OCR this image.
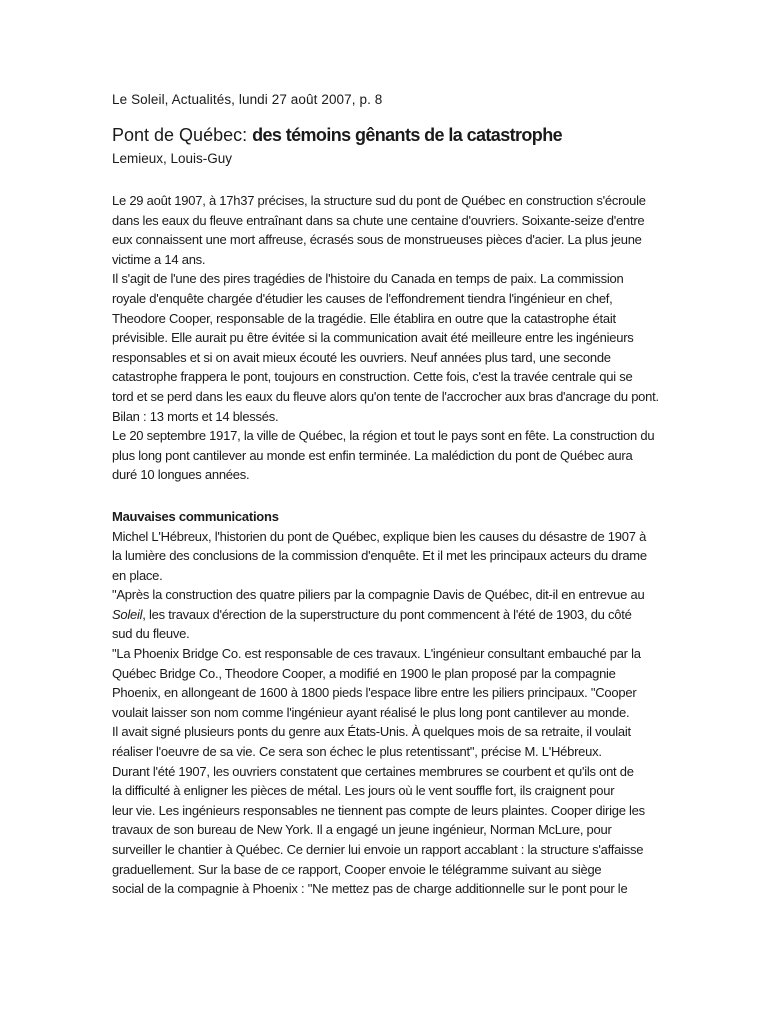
Le Soleil, Actualités, lundi 27 août 2007, p. 8
Pont de Québec: des témoins gênants de la catastrophe
Lemieux, Louis-Guy

Le 29 août 1907, à 17h37 précises, la structure sud du pont de Québec en construction s'écroule
dans les eaux du fleuve entraînant dans sa chute une centaine d'ouvriers. Soixante-seize d'entre
eux connaissent une mort affreuse, écrasés sous de monstrueuses pièces d'acier. La plus jeune
victime a 14 ans.

Il s'agit de l'une des pires tragédies de l'histoire du Canada en temps de paix. La commission
royale d'enquête chargée d'étudier les causes de l'effondrement tiendra l'ingénieur en chef,
Theodore Cooper, responsable de la tragédie. Elle établira en outre que la catastrophe était
prévisible. Elle aurait pu être évitée si la communication avait été meilleure entre les ingénieurs
responsables et si on avait mieux écouté les ouvriers. Neuf années plus tard, une seconde
catastrophe frappera le pont, toujours en construction. Cette fois, c'est la travée centrale qui se
tord et se perd dans les eaux du fleuve alors qu'on tente de l'accrocher aux bras d'ancrage du pont.
Bilan : 13 morts et 14 blessés.

Le 20 septembre 1917, la ville de Québec, la région et tout le pays sont en fête. La construction du
plus long pont cantilever au monde est enfin terminée. La malédiction du pont de Québec aura
duré 10 longues années.

Mauvaises communications

Michel L'Hébreux, l'historien du pont de Québec, explique bien les causes du désastre de 1907 à
la lumière des conclusions de la commission d'enquête. Et il met les principaux acteurs du drame
en place.

"Après la construction des quatre piliers par la compagnie Davis de Québec, dit-il en entrevue au
Soleil, les travaux d'érection de la superstructure du pont commencent à l'été de 1903, du côté
sud du fleuve.

"La Phoenix Bridge Co. est responsable de ces travaux. L'ingénieur consultant embauché par la
Québec Bridge Co., Theodore Cooper, a modifié en 1900 le plan proposé par la compagnie
Phoenix, en allongeant de 1600 à 1800 pieds l'espace libre entre les piliers principaux. "Cooper
voulait laisser son nom comme l'ingénieur ayant réalisé le plus long pont cantilever au monde.
Il avait signé plusieurs ponts du genre aux États-Unis. À quelques mois de sa retraite, il voulait
réaliser l'oeuvre de sa vie. Ce sera son échec le plus retentissant", précise M. L'Hébreux.

Durant l'été 1907, les ouvriers constatent que certaines membrures se courbent et qu'ils ont de
la difficulté à enligner les pièces de métal. Les jours où le vent souffle fort, ils craignent pour
leur vie. Les ingénieurs responsables ne tiennent pas compte de leurs plaintes. Cooper dirige les
travaux de son bureau de New York. Il a engagé un jeune ingénieur, Norman McLure, pour
surveiller le chantier à Québec. Ce dernier lui envoie un rapport accablant : la structure s'affaisse
graduellement. Sur la base de ce rapport, Cooper envoie le télégramme suivant au siège
social de la compagnie à Phoenix : "Ne mettez pas de charge additionnelle sur le pont pour le
